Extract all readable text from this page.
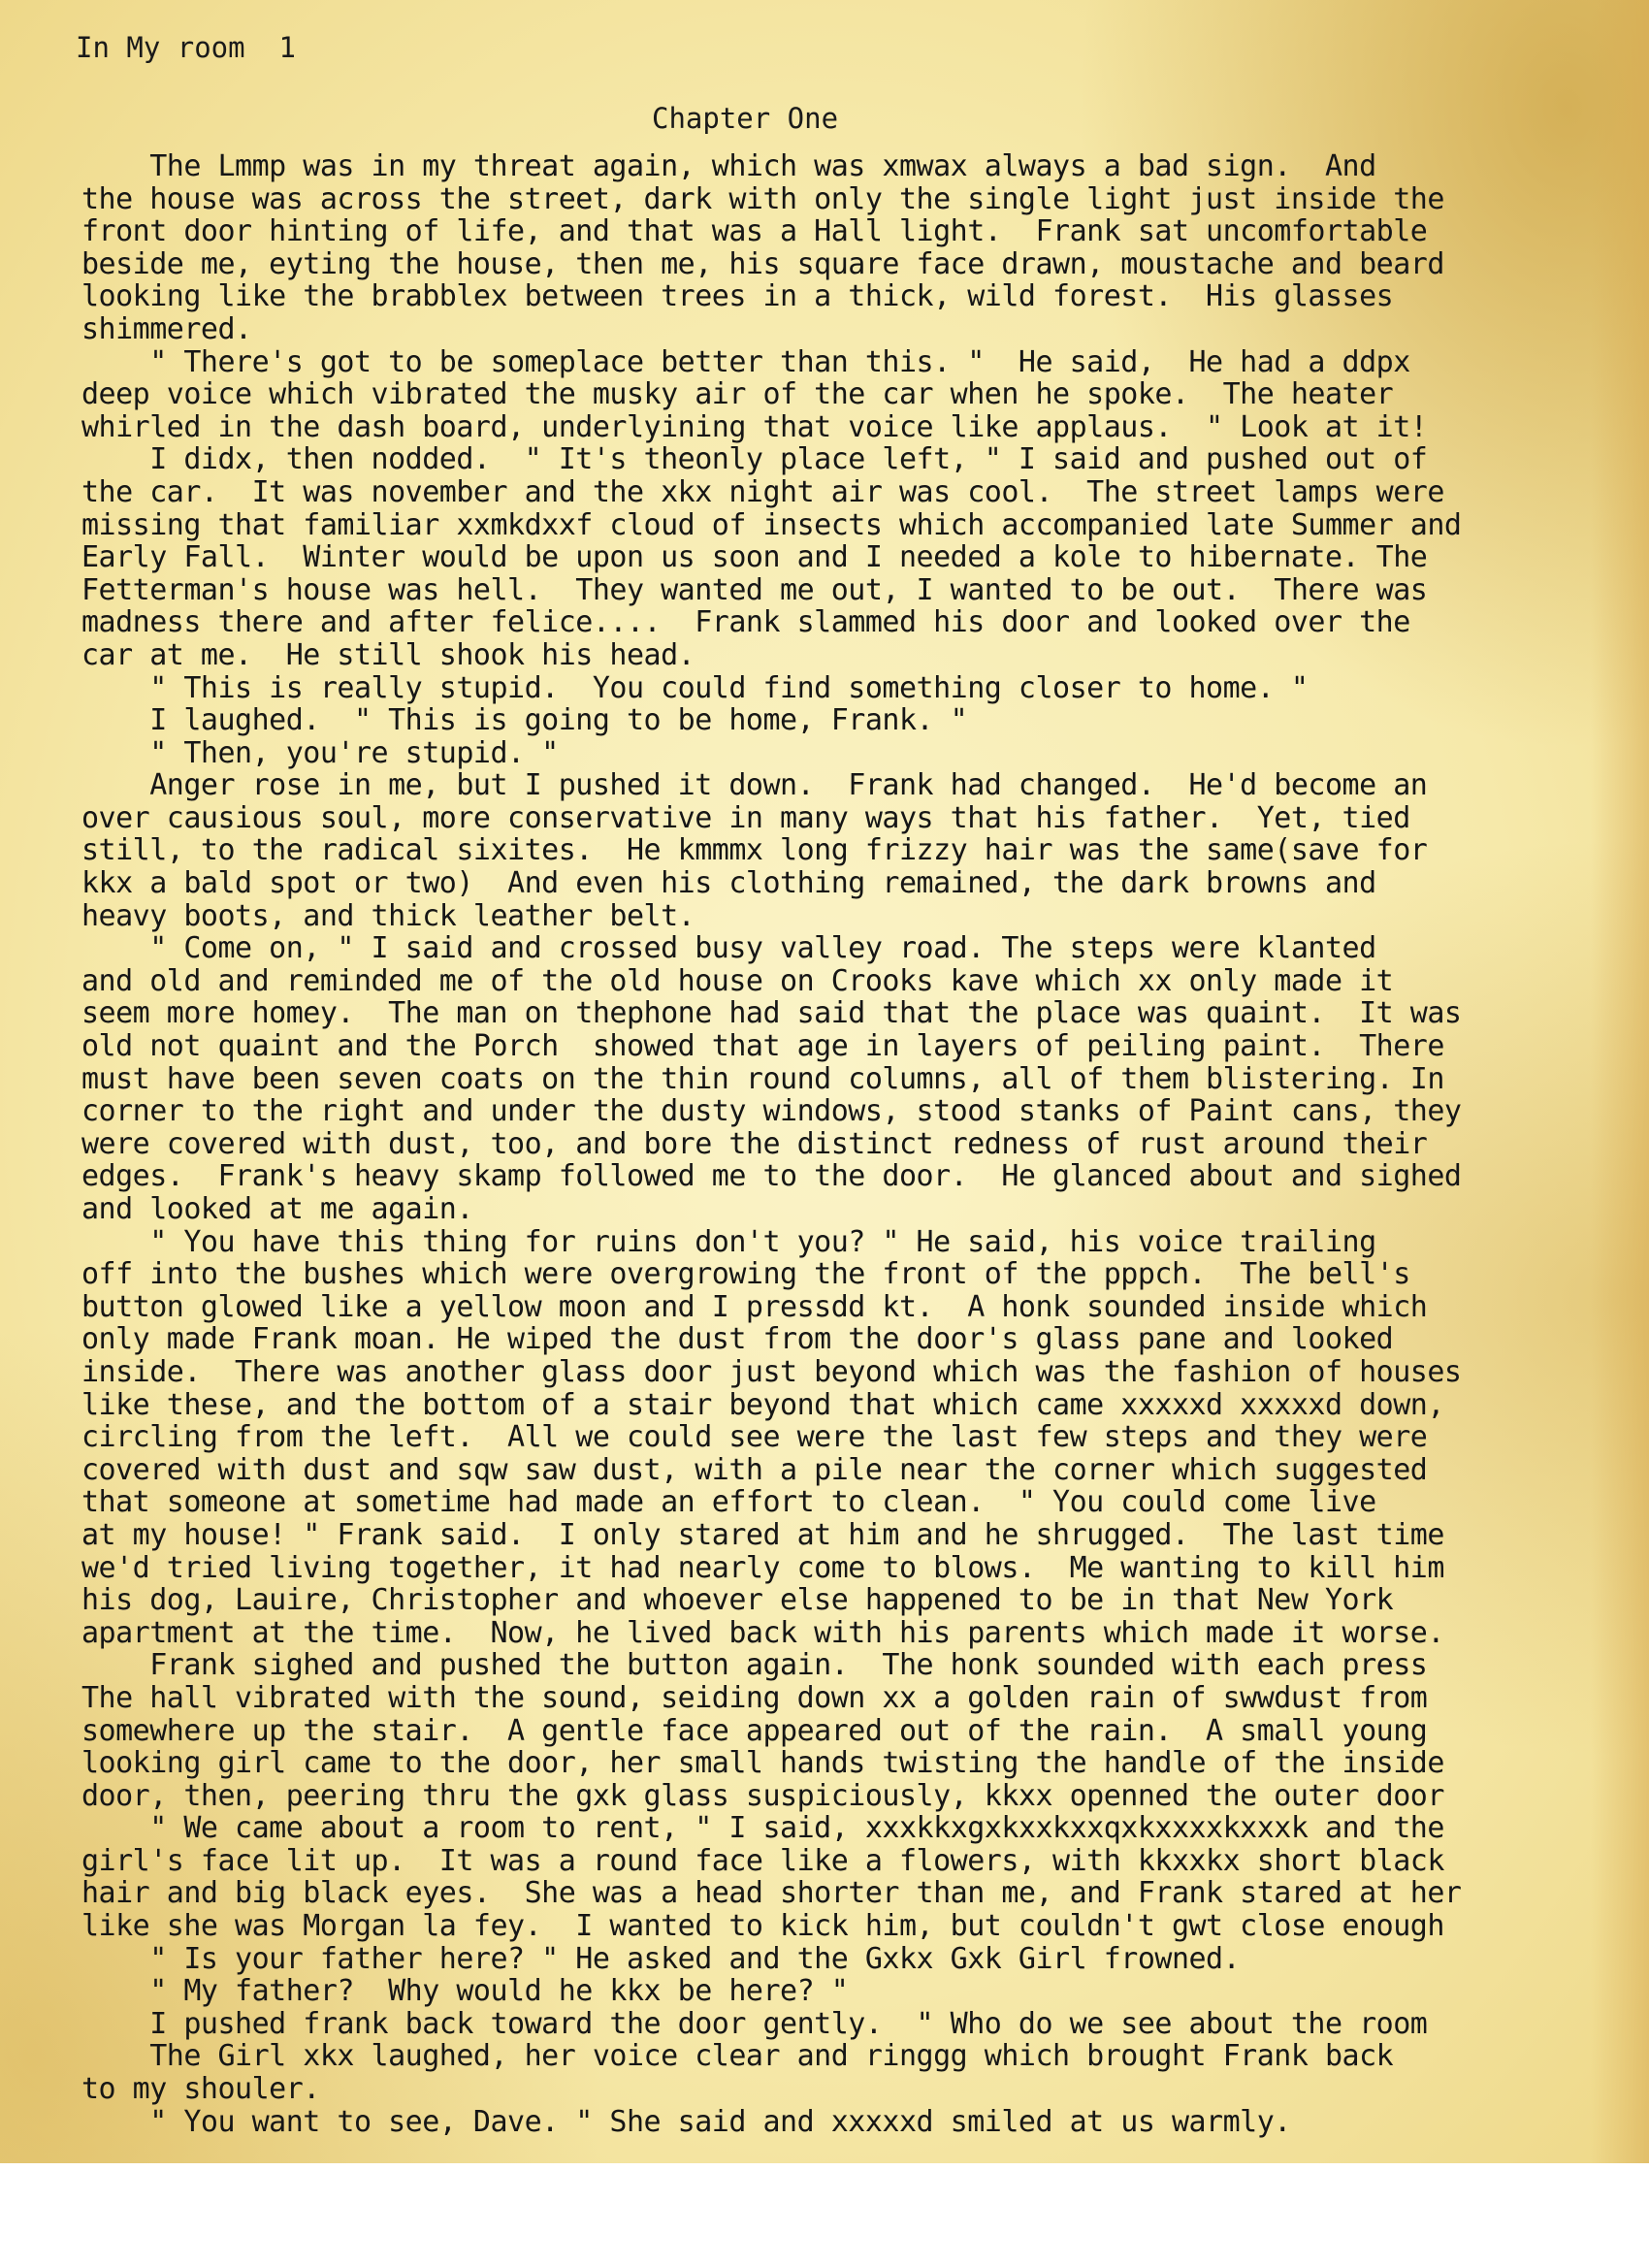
In My room  1
Chapter One
The Lmmp was in my threat again, which was xmwax always a bad sign.  And
the house was across the street, dark with only the single light just inside the
front door hinting of life, and that was a Hall light.  Frank sat uncomfortable
beside me, eyting the house, then me, his square face drawn, moustache and beard
looking like the brabblex between trees in a thick, wild forest.  His glasses
shimmered.
" There's got to be someplace better than this. "  He said,  He had a ddpx
deep voice which vibrated the musky air of the car when he spoke.  The heater
whirled in the dash board, underlyining that voice like applaus.  " Look at it!
I didx, then nodded.  " It's theonly place left, " I said and pushed out of
the car.  It was november and the xkx night air was cool.  The street lamps were
missing that familiar xxmkdxxf cloud of insects which accompanied late Summer and
Early Fall.  Winter would be upon us soon and I needed a kole to hibernate. The
Fetterman's house was hell.  They wanted me out, I wanted to be out.  There was
madness there and after felice....  Frank slammed his door and looked over the
car at me.  He still shook his head.
" This is really stupid.  You could find something closer to home. "
I laughed.  " This is going to be home, Frank. "
" Then, you're stupid. "
Anger rose in me, but I pushed it down.  Frank had changed.  He'd become an
over causious soul, more conservative in many ways that his father.  Yet, tied
still, to the radical sixites.  He kmmmx long frizzy hair was the same(save for
kkx a bald spot or two)  And even his clothing remained, the dark browns and
heavy boots, and thick leather belt.
" Come on, " I said and crossed busy valley road. The steps were klanted
and old and reminded me of the old house on Crooks kave which xx only made it
seem more homey.  The man on thephone had said that the place was quaint.  It was
old not quaint and the Porch  showed that age in layers of peiling paint.  There
must have been seven coats on the thin round columns, all of them blistering. In
corner to the right and under the dusty windows, stood stanks of Paint cans, they
were covered with dust, too, and bore the distinct redness of rust around their
edges.  Frank's heavy skamp followed me to the door.  He glanced about and sighed
and looked at me again.
" You have this thing for ruins don't you? " He said, his voice trailing
off into the bushes which were overgrowing the front of the pppch.  The bell's
button glowed like a yellow moon and I pressdd kt.  A honk sounded inside which
only made Frank moan. He wiped the dust from the door's glass pane and looked
inside.  There was another glass door just beyond which was the fashion of houses
like these, and the bottom of a stair beyond that which came xxxxxd xxxxxd down,
circling from the left.  All we could see were the last few steps and they were
covered with dust and sqw saw dust, with a pile near the corner which suggested
that someone at sometime had made an effort to clean.  " You could come live
at my house! " Frank said.  I only stared at him and he shrugged.  The last time
we'd tried living together, it had nearly come to blows.  Me wanting to kill him
his dog, Lauire, Christopher and whoever else happened to be in that New York
apartment at the time.  Now, he lived back with his parents which made it worse.
Frank sighed and pushed the button again.  The honk sounded with each press
The hall vibrated with the sound, seiding down xx a golden rain of swwdust from
somewhere up the stair.  A gentle face appeared out of the rain.  A small young
looking girl came to the door, her small hands twisting the handle of the inside
door, then, peering thru the gxk glass suspiciously, kkxx openned the outer door
" We came about a room to rent, " I said, xxxkkxgxkxxkxxqxkxxxxkxxxk and the
girl's face lit up.  It was a round face like a flowers, with kkxxkx short black
hair and big black eyes.  She was a head shorter than me, and Frank stared at her
like she was Morgan la fey.  I wanted to kick him, but couldn't gwt close enough
" Is your father here? " He asked and the Gxkx Gxk Girl frowned.
" My father?  Why would he kkx be here? "
I pushed frank back toward the door gently.  " Who do we see about the room
The Girl xkx laughed, her voice clear and ringgg which brought Frank back
to my shouler.
" You want to see, Dave. " She said and xxxxxd smiled at us warmly.
